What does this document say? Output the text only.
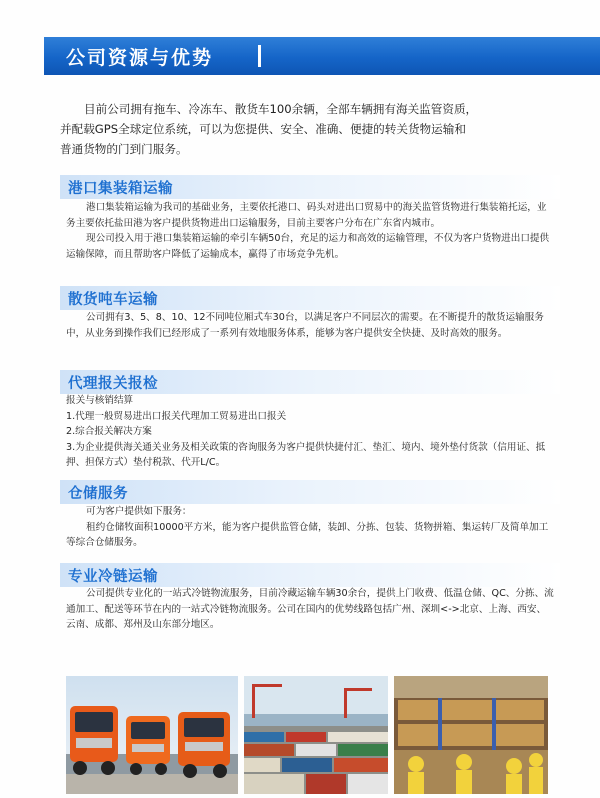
公司资源与优势
目前公司拥有拖车、冷冻车、散货车100余辆，全部车辆拥有海关监管资质，
并配载GPS全球定位系统，可以为您提供、安全、准确、便捷的转关货物运输和
普通货物的门到门服务。
港口集装箱运输

港口集装箱运输为我司的基础业务，主要依托港口、码头对进出口贸易中的海关监管货物进行集装箱托运，业务主要依托盐田港为客户提供货物进出口运输服务，目前主要客户分布在广东省内城市。

现公司投入用于港口集装箱运输的牵引车辆50台，充足的运力和高效的运输管理，不仅为客户货物进出口提供运输保障，而且帮助客户降低了运输成本，赢得了市场竞争先机。

散货吨车运输

公司拥有3、5、8、10、12不同吨位厢式车30台，以满足客户不同层次的需要。在不断提升的散货运输服务中，从业务到操作我们已经形成了一系列有效地服务体系，能够为客户提供安全快捷、及时高效的服务。

代理报关报检

报关与核销结算

1.代理一般贸易进出口报关代理加工贸易进出口报关

2.综合报关解决方案

3.为企业提供海关通关业务及相关政策的咨询服务为客户提供快捷付汇、垫汇、境内、境外垫付货款（信用证、抵押、担保方式）垫付税款、代开L/C。

仓储服务

可为客户提供如下服务：

租约仓储牧面积10000平方米，能为客户提供监管仓储，装卸、分拣、包装、货物拼箱、集运转厂及简单加工等综合仓储服务。

专业冷链运输

公司提供专业化的一站式冷链物流服务，目前冷藏运输车辆30余台，提供上门收费、低温仓储、QC、分拣、流通加工、配送等环节在内的一站式冷链物流服务。公司在国内的优势线路包括广州、深圳<->北京、上海、西安、云南、成都、郑州及山东部分地区。
